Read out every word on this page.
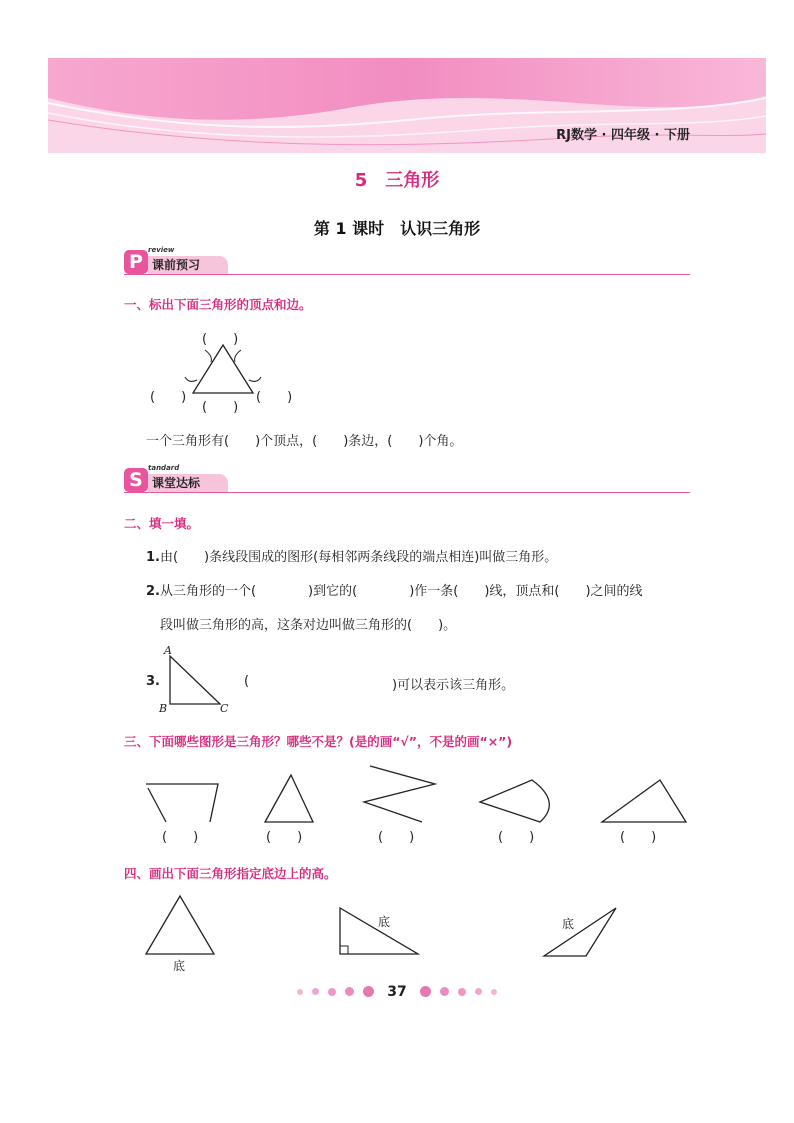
RJ数学 · 四年级 · 下册
5　三角形
第 1 课时　认识三角形
P
review
课前预习
一、标出下面三角形的顶点和边。
(　　)
(　　)
(　　)
(　　)
一个三角形有(　　)个顶点，(　　)条边，(　　)个角。
S
tandard
课堂达标
二、填一填。
1.由(　　)条线段围成的图形(每相邻两条线段的端点相连)叫做三角形。
2.从三角形的一个(　　　　)到它的(　　　　)作一条(　　)线，顶点和(　　)之间的线
段叫做三角形的高，这条对边叫做三角形的(　　)。
3.
A
B	C
(	)可以表示该三角形。
三、下面哪些图形是三角形？哪些不是？(是的画“√”，不是的画“×”)
(　　)	(　　)	(　　)	(　　)	(　　)
四、画出下面三角形指定底边上的高。
底
底	底
37
